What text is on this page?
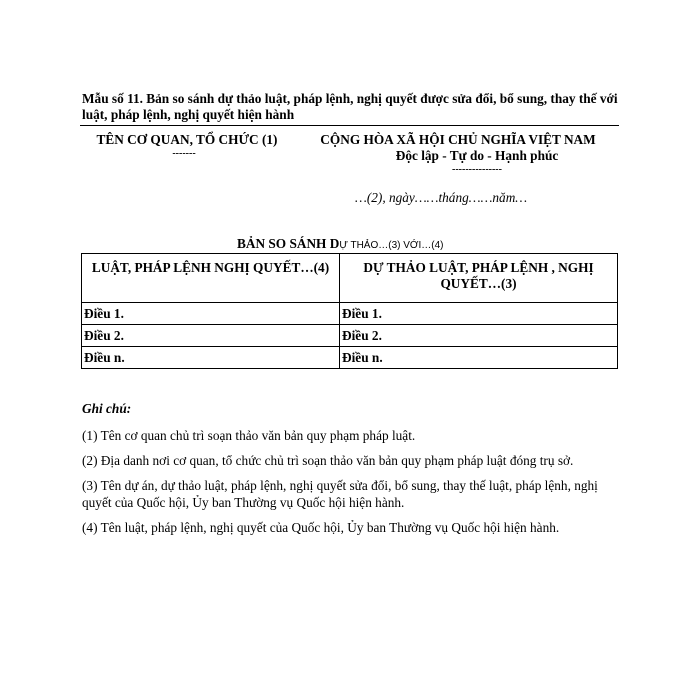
Mẫu số 11. Bản so sánh dự thảo luật, pháp lệnh, nghị quyết được sửa đổi, bổ sung, thay thế với luật, pháp lệnh, nghị quyết hiện hành
TÊN CƠ QUAN, TỔ CHỨC (1)
-------
CỘNG HÒA XÃ HỘI CHỦ NGHĨA VIỆT NAM
Độc lập - Tự do - Hạnh phúc
---------------
…(2), ngày……tháng……năm…
BẢN SO SÁNH DỰ THẢO…(3) VỚI…(4)
LUẬT, PHÁP LỆNH NGHỊ QUYẾT…(4)	DỰ THẢO LUẬT, PHÁP LỆNH , NGHỊ QUYẾT…(3)
Điều 1.	Điều 1.
Điều 2.	Điều 2.
Điều n.	Điều n.
Ghi chú:

(1) Tên cơ quan chủ trì soạn thảo văn bản quy phạm pháp luật.

(2) Địa danh nơi cơ quan, tổ chức chủ trì soạn thảo văn bản quy phạm pháp luật đóng trụ sở.

(3) Tên dự án, dự thảo luật, pháp lệnh, nghị quyết sửa đổi, bổ sung, thay thế luật, pháp lệnh, nghị quyết của Quốc hội, Ủy ban Thường vụ Quốc hội hiện hành.

(4) Tên luật, pháp lệnh, nghị quyết của Quốc hội, Ủy ban Thường vụ Quốc hội hiện hành.
